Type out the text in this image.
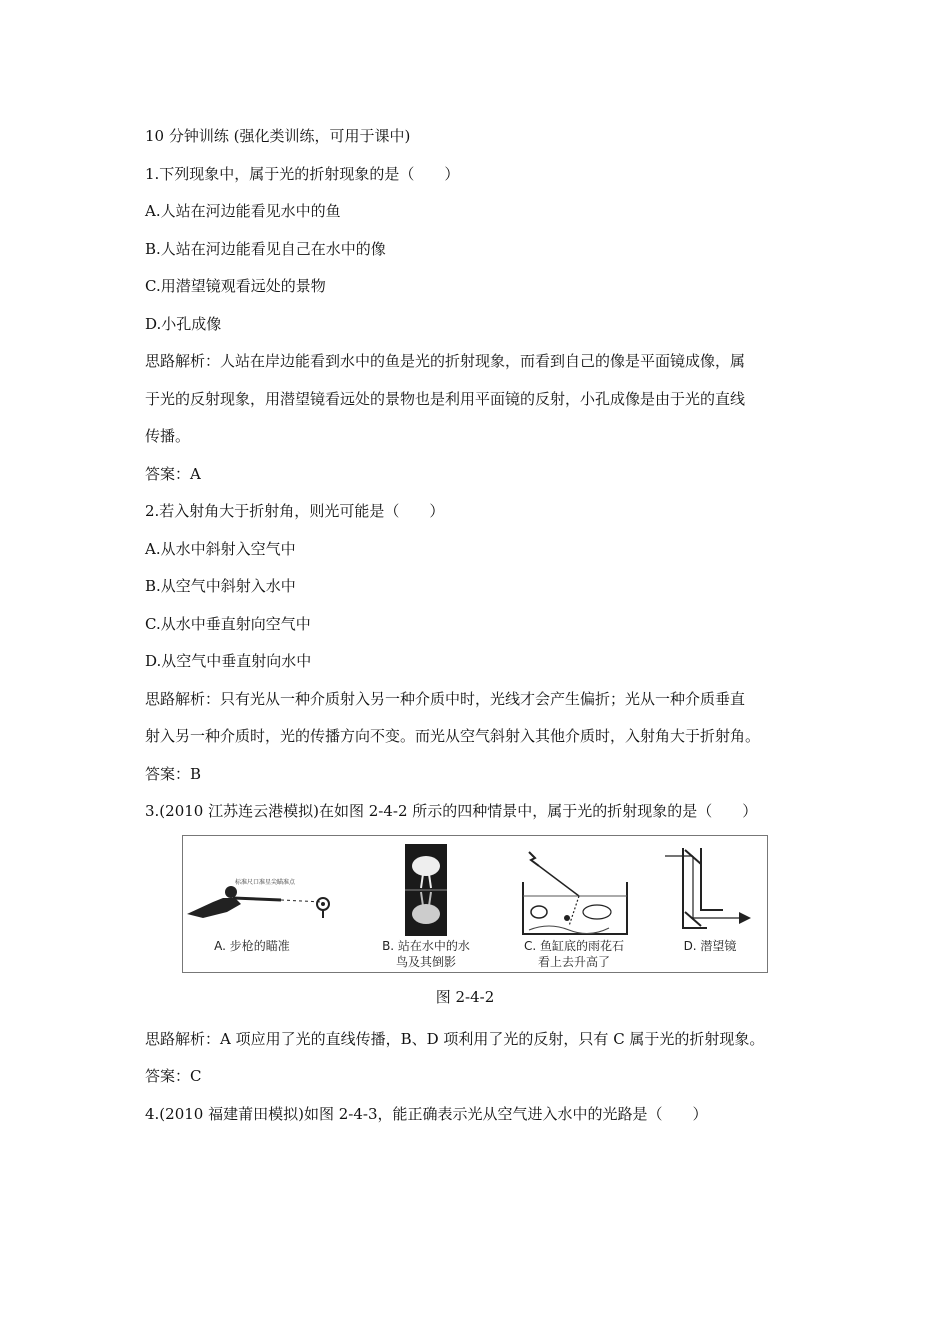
10 分钟训练 (强化类训练，可用于课中)
1.下列现象中，属于光的折射现象的是（　　）
A.人站在河边能看见水中的鱼
B.人站在河边能看见自己在水中的像
C.用潜望镜观看远处的景物
D.小孔成像
思路解析：人站在岸边能看到水中的鱼是光的折射现象，而看到自己的像是平面镜成像，属
于光的反射现象，用潜望镜看远处的景物也是利用平面镜的反射，小孔成像是由于光的直线
传播。
答案：A
2.若入射角大于折射角，则光可能是（　　）
A.从水中斜射入空气中
B.从空气中斜射入水中
C.从水中垂直射向空气中
D.从空气中垂直射向水中
思路解析：只有光从一种介质射入另一种介质中时，光线才会产生偏折；光从一种介质垂直
射入另一种介质时，光的传播方向不变。而光从空气斜射入其他介质时，入射角大于折射角。
答案：B
3.(2010 江苏连云港模拟)在如图 2-4-2 所示的四种情景中，属于光的折射现象的是（　　）
标准尺口准星尖瞄准点
A. 步枪的瞄准	B. 站在水中的水
鸟及其倒影
C. 鱼缸底的雨花石
看上去升高了
D. 潜望镜
图 2-4-2
思路解析：A 项应用了光的直线传播，B、D 项利用了光的反射，只有 C 属于光的折射现象。
答案：C
4.(2010 福建莆田模拟)如图 2-4-3，能正确表示光从空气进入水中的光路是（　　）
